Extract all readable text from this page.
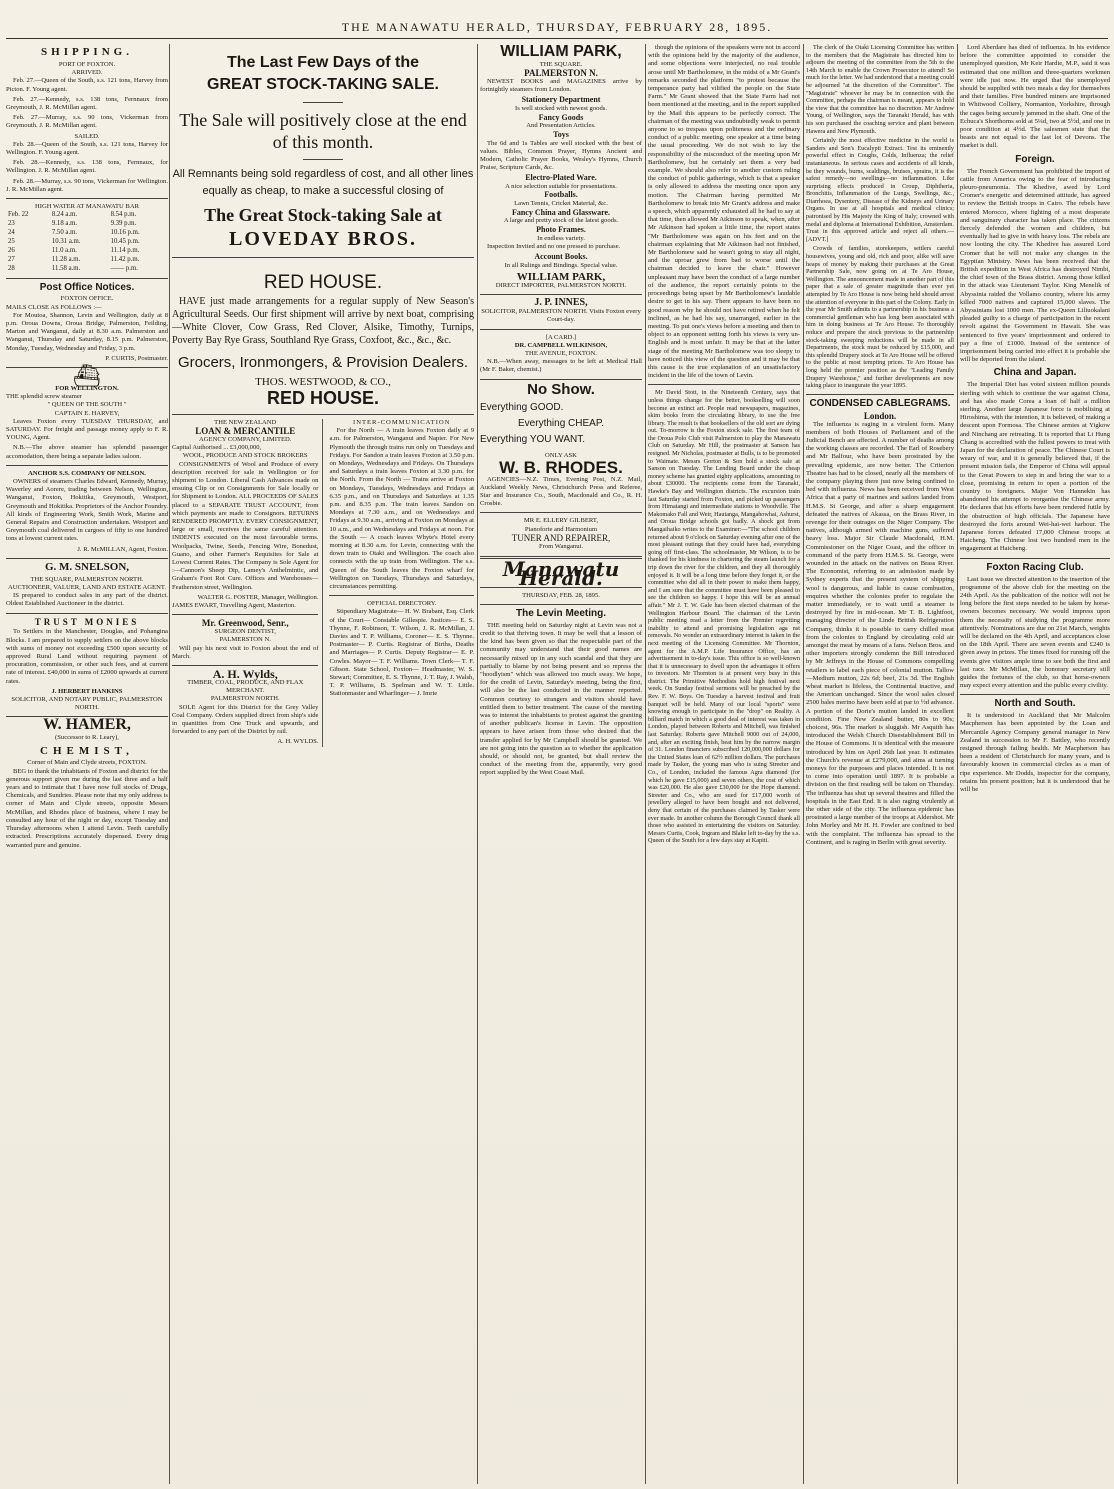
THE MANAWATU HERALD, THURSDAY, FEBRUARY 28, 1895.
SHIPPING.
PORT OF FOXTON.
ARRIVED.
Feb. 27.—Queen of the South, s.s. 121 tons, Harvey from Picton. F. Young agent.
Feb. 27.—Kennedy, s.s. 138 tons, Fernnaux from Greymouth, J. R. McMillan agent.
Feb. 27.—Murray, s.s. 90 tons, Vickerman from Greymouth. J. R. McMillan agent.
SAILED.
Feb. 28.—Queen of the South, s.s. 121 tons, Harvey for Wellington. F. Young agent.
Feb. 28.—Kennedy, s.s. 138 tons, Fernnaux, for Wellington. J. R. McMillan agent.
Feb. 28.—Murray, s.s. 90 tons, Vickerman for Wellington. J. R. McMillan agent.
HIGH WATER AT MANAWATU BAR
Feb. 22	8.24 a.m.	8.54 p.m.
23	9.18 a.m.	9.39 p.m.
24	7.50 a.m.	10.16 p.m.
25	10.31 a.m.	10.45 p.m.
26	11.0 a.m.	11.14 p.m.
27	11.28 a.m.	11.42 p.m.
28	11.58 a.m.	—— p.m.
Post Office Notices.
FOXTON OFFICE.
MAILS CLOSE AS FOLLOWS :—
For Moutoa, Shannon, Levin and Wellington, daily at 8 p.m. Oroua Downs, Oroua Bridge, Palmerston, Feilding, Marton and Wanganui, daily at 8.30 a.m. Palmerston and Wanganui, Thursday and Saturday, 8.15 p.m. Palmerston, Monday, Tuesday, Wednesday and Friday, 3 p.m.
P. CURTIS, Postmaster.
⛴
FOR WELLINGTON.
THE splendid screw steamer
" QUEEN OF THE SOUTH "
CAPTAIN E. HARVEY,
Leaves Foxton every TUESDAY THURSDAY, and SATURDAY. For freight and passage money apply to F. R. YOUNG, Agent.
N.B.—The above steamer has splendid passenger accomodation, there being a separate ladies saloon.
ANCHOR S.S. COMPANY OF NELSON.
OWNERS of steamers Charles Edward, Kennedy, Murray, Waverley and Aorere, trading between Nelson, Wellington, Wanganui, Foxton, Hokitika, Greymouth, Westport, Greymouth and Hokitika. Proprietors of the Anchor Foundry. All kinds of Engineering Work, Smith Work, Marine and General Repairs and Construction undertaken. Westport and Greymouth coal delivered in cargoes of fifty to one hundred tons at lowest current rates.
J. R. McMILLAN, Agent, Foxton.
G. M. SNELSON,
THE SQUARE, PALMERSTON NORTH.
AUCTIONEER, VALUER, LAND AND ESTATE AGENT.
IS prepared to conduct sales in any part of the district. Oldest Established Auctioneer in the district.
TRUST MONIES
To Settlers in the Manchester, Douglas, and Pohangina Blocks. I am prepared to supply settlers on the above blocks with sums of money not exceeding £500 upon security of approved Rural Land without requiring payment of procuration, commission, or other such fees, and at current rate of interest. £40,000 in sums of £2000 upwards at current rates.
J. HERBERT HANKINS
SOLICITOR, AND NOTARY PUBLIC, PALMERSTON NORTH.
W. HAMER,
(Successor to R. Leary),
CHEMIST,
Corner of Main and Clyde streets, FOXTON.
BEG to thank the inhabitants of Foxton and district for the generous support given me during the last three and a half years and to intimate that I have now full stocks of Drugs, Chemicals, and Sundries. Please note that my only address is corner of Main and Clyde streets, opposite Messrs McMillan, and Rhodes place of business, where I may be consulted any hour of the night or day, except Tuesday and Thursday afternoons when I attend Levin. Teeth carefully extracted. Prescriptions accurately dispensed. Every drug warranted pure and genuine.
The Last Few Days of the
GREAT STOCK-TAKING SALE.
The Sale will positively close at the end of this month.
All Remnants being sold regardless of cost, and all other lines equally as cheap, to make a successful closing of
The Great Stock-taking Sale at
LOVEDAY BROS.
RED HOUSE.
HAVE just made arrangements for a regular supply of New Season's Agricultural Seeds. Our first shipment will arrive by next boat, comprising—White Clover, Cow Grass, Red Clover, Alsike, Timothy, Turnips, Poverty Bay Rye Grass, Southland Rye Grass, Coxfoot, &c., &c., &c.
Grocers, Ironmongers, & Provision Dealers.
THOS. WESTWOOD, & CO.,
RED HOUSE.
THE NEW ZEALAND
LOAN & MERCANTILE
AGENCY COMPANY, LIMITED.
Capital Authorised ... £3,000,000,
WOOL, PRODUCE AND STOCK BROKERS
CONSIGNMENTS of Wool and Produce of every description received for sale in Wellington or for shipment to London. Liberal Cash Advances made on ensuing Clip or on Consignments for Sale locally or for Shipment to London. ALL PROCEEDS OF SALES placed to a SEPARATE TRUST ACCOUNT, from which payments are made to Consignors. RETURNS RENDERED PROMPTLY. EVERY CONSIGNMENT, large or small, receives the same careful attention. INDENTS executed on the most favourable terms. Woolpacks, Twine, Seeds, Fencing Wire, Bonedust, Guano, and other Farmer's Requisites for Sale at Lowest Current Rates. The Company is Sole Agent for :—Cannon's Sheep Dip, Lamey's Anthelmintic, and Graham's Foot Rot Cure. Offices and Warehouses—Featherston street, Wellington.
WALTER G. FOSTER, Manager, Wellington.
JAMES EWART, Travelling Agent, Masterton.
Mr. Greenwood, Senr.,
SURGEON DENTIST,
PALMERSTON N.
Will pay his next visit to Foxton about the end of March.
A. H. Wylds,
TIMBER, COAL, PRODUCE, AND FLAX MERCHANT.
PALMERSTON NORTH.
SOLE Agent for this District for the Grey Valley Coal Company. Orders supplied direct from ship's side in quantities from One Truck and upwards, and forwarded to any part of the District by rail.
A. H. WYLDS.
INTER-COMMUNICATION
For the North — A train leaves Foxton daily at 9 a.m. for Palmerston, Wanganui and Napier. For New Plymouth the through trains run only on Tuesdays and Fridays. For Sandon a train leaves Foxton at 3.50 p.m. on Mondays, Wednesdays and Fridays. On Thursdays and Saturdays a train leaves Foxton at 3.30 p.m. for the North. From the North — Trains arrive at Foxton on Mondays, Tuesdays, Wednesdays and Fridays at 6.35 p.m., and on Thursdays and Saturdays at 1.35 p.m. and 8.35 p.m. The train leaves Sandon on Mondays at 7.30 a.m., and on Wednesdays and Fridays at 9.30 a.m., arriving at Foxton on Mondays at 10 a.m., and on Wednesdays and Fridays at noon. For the South — A coach leaves Whyte's Hotel every morning at 8.30 a.m. for Levin, connecting with the down train to Otaki and Wellington. The coach also connects with the up train from Wellington. The s.s. Queen of the South leaves the Foxton wharf for Wellington on Tuesdays, Thursdays and Saturdays, circumstances permitting.
OFFICIAL DIRECTORY.
Stipendiary Magistrate— H. W. Brabant, Esq. Clerk of the Court— Constable Gillespie. Justices— E. S. Thynne, F. Robinson, T. Wilson, J. R. McMillan, J. Davies and T. P. Williams, Coroner— E. S. Thynne. Postmaster— P. Curtis. Registrar of Births, Deaths and Marriages— P. Curtis. Deputy Registrar— E. P. Cowles. Mayor— T. F. Williams. Town Clerk— T. F. Gibson. State School, Foxton— Headmaster, W. S. Stewart; Committee, E. S. Thynne, J. T. Ray, J. Walsh, T. P. Williams, B. Spelman and W. T. Little. Stationmaster and Wharfinger— J. Imrie
WILLIAM PARK,
THE SQUARE.
PALMERSTON N.
NEWEST BOOKS and MAGAZINES arrive by fortnightly steamers from London.
Stationery Department
Is well stocked with newest goods.
Fancy Goods
And Presentation Articles.
Toys
The 6d and 1s Tables are well stocked with the best of values. Bibles, Common Prayer, Hymns Ancient and Modern, Catholic Prayer Books, Wesley's Hymns, Church Praise, Scripture Cards, &c.
Electro-Plated Ware.
A nice selection suitable for presentations.
Footballs.
Lawn Tennis, Cricket Material, &c.
Fancy China and Glassware.
A large and pretty stock of the latest goods.
Photo Frames.
In endless variety.
Inspection Invited and no one pressed to purchase.
Account Books.
In all Rulings and Bindings. Special value.
WILLIAM PARK,
DIRECT IMPORTER, PALMERSTON NORTH.
J. P. INNES,
SOLICITOR, PALMERSTON NORTH. Visits Foxton every Court-day.
[A CARD.]
DR. CAMPBELL WILKINSON,
THE AVENUE, FOXTON.
N.B.—When away, messages to be left at Medical Hall (Mr F. Baker, chemist.)
No Show.
Everything GOOD.
Everything CHEAP.
Everything YOU WANT.
ONLY ASK
W. B. RHODES.
AGENCIES—N.Z. Times, Evening Post, N.Z. Mail, Auckland Weekly News, Christchurch Press and Referee, Star and Insurance Co., South, Macdonald and Co., R. H. Crosbie.
MR E. ELLERY GILBERT,
Pianoforte and Harmonium
TUNER AND REPAIRER,
From Wanganui.
Manawatu Herald.
THURSDAY, FEB. 28, 1895.
The Levin Meeting.
THE meeting held on Saturday night at Levin was not a credit to that thriving town. It may be well that a lesson of the kind has been given so that the respectable part of the community may understand that their good names are necessarily mixed up in any such scandal and that they are partially to blame by not being present and so repress the "hoodlyism" which was allowed too much sway. We hope, for the credit of Levin, Saturday's meeting, being the first, will also be the last conducted in the manner reported. Common courtesy to strangers and visitors should have entitled them to better treatment. The cause of the meeting was to interest the inhabitants to protest against the granting of another publican's license in Levin. The opposition appears to have arisen from those who desired that the transfer applied for by Mr Campbell should be granted. We are not going into the question as to whether the application should, or should not, be granted, but shall review the conduct of the meeting from the, apparently, very good report supplied by the West Coast Mail.
though the opinions of the speakers were not in accord with the opinions held by the majority of the audience, and some objections were interjected, no real trouble arose until Mr Bartholomew, in the midst of a Mr Grant's remarks seconded the platform "to protest because the temperance party had vilified the people on the State Farm." Mr Grant showed that the State Farm had not been mentioned at the meeting, and in the report supplied by the Mail this appears to be perfectly correct. The chairman of the meeting was undoubtedly weak to permit anyone to so trespass upon politeness and the ordinary conduct of a public meeting, one speaker at a time being the usual proceeding. We do not wish to lay the responsibility of the misconduct of the meeting upon Mr Bartholomew, but he certainly set them a very bad example. We should also refer to another custom ruling the conduct of public gatherings, which is that a speaker is only allowed to address the meeting once upon any motion. The Chairman having permitted Mr Bartholomew to break into Mr Grant's address and make a speech, which apparently exhausted all he had to say at that time, then allowed Mr Atkinson to speak, when, after Mr Atkinson had spoken a little time, the report states "Mr Bartholomew was again on his feet and on the chairman explaining that Mr Atkinson had not finished, Mr Bartholomew said he wasn't going to stay all night, and the uproar grew from bad to worse until the chairman decided to leave the chair." However unpleasant may have been the conduct of a large number of the audience, the report certainly points to the proceedings being upset by Mr Bartholomew's laudable desire to get in his say. There appears to have been no good reason why he should not have retired when he felt inclined, as he had his say, unarranged, earlier in the meeting. To put one's views before a meeting and then to object to an opponent setting forth his views is very un-English and is most unfair. It may be that at the latter stage of the meeting Mr Bartholomew was too sleepy to have noticed this view of the question and it may be that this cause is the true explanation of an unsatisfactory incident in the life of the town of Levin.
Mr David Stott, in the Nineteenth Century, says that unless things change for the better, bookselling will soon become an extinct art. People read newspapers, magazines, skim books from the circulating library, to use the free library. The result is that booksellers of the old sort are dying out. To-morrow is the Foxton stock sale. The first team of the Oroua Polo Club visit Palmerston to play the Manawatu Club on Saturday. Mr Hill, the postmaster at Sanson has resigned. Mr Nicholas, postmaster at Bulls, is to be promoted to Waimate. Messrs Gorton & Son hold a stock sale at Sanson on Tuesday. The Lending Board under the cheap money scheme has granted eighty applications, amounting to about £30000. The recipients come from the Taranaki, Hawke's Bay and Wellington districts. The excursion train last Saturday started from Foxton, and picked up passengers from Himatangi and intermediate stations to Woodville. The Makomako Fall and Weir, Hautanga, Mangahowhai, Ashurst, and Oroua Bridge schools got badly. A shock got from Mangaihaiko writes to the Examiner:—"The school children returned about 9 o'clock on Saturday evening after one of the most pleasant outings that they could have had, everything going off first-class. The schoolmaster, Mr Wilson, is to be thanked for his kindness in chartering the steam launch for a trip down the river for the children, and they all thoroughly enjoyed it. It will be a long time before they forget it, or the committee who did all in their power to make them happy, and I am sure that the committee must have been pleased to see the children so happy. I hope this will be an annual affair." Mr J. T. W. Gale has been elected chairman of the Wellington Harbour Board. The chairman of the Levin public meeting read a letter from the Premier regretting inability to attend and promising legislation aga nst removals. No wonder an extraordinary interest is taken in the next meeting of the Licensing Committee. Mr Thornton, agent for the A.M.P. Life Insurance Office, has an advertisement in to-day's issue. This office is so well-known that it is unnecessary to dwell upon the advantages it offers to investors. Mr Thornton is at present very busy in this district. The Primitive Methodists hold high festival next week. On Sunday festival sermons will be preached by the Rev. F. W. Boys. On Tuesday a harvest festival and fruit banquet will be held. Many of our local "sports" were knowing enough to participate in the "drop" on Reality. A billiard match in which a good deal of interest was taken in London, played between Roberts and Mitchell, was finished last Saturday. Roberts gave Mitchell 9000 out of 24,000, and, after an exciting finish, beat him by the narrow margin of 31. London financiers subscribed 120,000,000 dollars for the United States loan of 62½ million dollars. The purchases made by Tasker, the young man who is suing Streeter and Co., of London, included the famous Agra diamond (for which he gave £15,000) and seven others, the cost of which was £20,000. He also gave £30,000 for the Hope diamond. Streeter and Co., who are sued for £17,000 worth of jewellery alleged to have been bought and not delivered, deny that certain of the purchases claimed by Tasker were ever made. In another column the Borough Council thank all those who assisted in entertaining the visitors on Saturday. Messrs Curtis, Cook, Ingram and Blake left to-day by the s.s. Queen of the South for a few days stay at Kapiti.
The clerk of the Otaki Licensing Committee has written to the members that the Magistrate has directed him to adjourn the meeting of the committee from the 5th to the 14th March to enable the Crown Prosecutor to attend! So much for the letter. We had understood that a meeting could be adjourned "at the discretion of the Committee". The "Magistrate" whoever he may be in connection with the Committee, perhaps the chairman is meant, appears to hold the view that the committee has no discretion. Mr Andrew Young, of Wellington, says the Taranaki Herald, has with his son purchased the coaching service and plant between Hawera and New Plymouth.
Certainly the most effective medicine in the world is Sanders and Son's Eucalypti Extract. Test its eminently powerful effect in Coughs, Colds, Influenza; the relief instantaneous. In serious cases and accidents of all kinds, be they wounds, burns, scaldings, bruises, sprains, it is the safest remedy—no swellings—no inflammation. Like surprising effects produced in Croup, Diphtheria, Bronchitis, Inflammation of the Lungs, Swellings, &c., Diarrhoea, Dysentery, Disease of the Kidneys and Urinary Organs. In use at all hospitals and medical clinics; patronised by His Majesty the King of Italy; crowned with medal and diploma at International Exhibition, Amsterdam. Trust in this approved article and reject all others.—[ADVT.]
Crowds of families, storekeepers, settlers careful housewives, young and old, rich and poor, alike will save heaps of money by making their purchases at the Great Partnership Sale, now going on at Te Aro House, Wellington. The announcement made in another part of this paper that a sale of greater magnitude than ever yet attempted by Te Aro House is now being held should arrest the attention of everyone in this part of the Colony. Early in the year Mr Smith admits to a partnership in his business a commercial gentleman who has long been associated with him in doing business at Te Aro House. To thoroughly reduce and prepare the stock previous to the partnership stock-taking sweeping reductions will be made in all Departments, the stock must be reduced by £15,000, and this splendid Drapery stock at Te Aro House will be offered to the public at most tempting prices. Te Aro House has long held the premier position as the "Leading Family Drapery Warehouse," and further developments are now taking place to inaugurate the year 1895.
CONDENSED CABLEGRAMS.
London.
The influenza is raging in a virulent form. Many members of both Houses of Parliament and of the Judicial Bench are affected. A number of deaths among the working classes are recorded. The Earl of Rosebery and Mr Balfour, who have been prostrated by the prevailing epidemic, are now better. The Criterion Theatre has had to be closed, nearly all the members of the company playing there just now being confined to bed with influenza. News has been received from West Africa that a party of marines and sailors landed from H.M.S. St George, and after a sharp engagement defeated the natives of Akassa, on the Brass River, in revenge for their outrages on the Niger Company. The natives, although armed with machine guns, suffered heavy loss. Major Sir Claude Macdonald, H.M. Commissioner on the Niger Coast, and the officer in command of the party from H.M.S. St. George, were wounded in the attack on the natives on Brass River. The Economist, referring to an admission made by Sydney experts that the present system of shipping wool is dangerous, and liable to cause combustion, enquires whether the colonies prefer to regulate the matter immediately, or to wait until a steamer is destroyed by fire in mid-ocean. Mr T. B. Lightfoot, managing director of the Linde British Refrigeration Company, thinks it is possible to carry chilled meat from the colonies to England by circulating cold air amongst the meat by means of a fans. Nelson Bros. and other importers strongly condemn the Bill introduced by Mr Jeffreys in the House of Commons compelling retailers to label each piece of colonial mutton. Tallow—Medium mutton, 22s 6d; beef, 21s 3d. The English wheat market is lifeless, the Continental inactive, and the American unchanged. Since the wool sales closed 2500 bales merino have been sold at par to ½d advance. A portion of the Dorie's mutton landed in excellent condition. Fine New Zealand butter, 80s to 90s; choicest, 96s. The market is sluggish. Mr Asquith has introduced the Welsh Church Disestablishment Bill in the House of Commons. It is identical with the measure introduced by him on April 26th last year. It estimates the Church's revenue at £279,000, and aims at turning moneys for the purposes and places intended. It is not to come into operation until 1897. It is probable a division on the first reading will be taken on Thursday. The influenza has shut up several theatres and filled the hospitals in the East End. It is also raging virulently at the other side of the city. The influenza epidemic has prostrated a large number of the troops at Aldershot. Mr John Morley and Mr H. H. Fowler are confined to bed with the complaint. The influenza has spread to the Continent, and is raging in Berlin with great severity.
Lord Aberdare has died of influenza. In his evidence before the committee appointed to consider the unemployed question, Mr Keir Hardie, M.P., said it was estimated that one million and three-quarters workmen were idle just now. He urged that the unemployed should be supplied with two meals a day for themselves and their families. Five hundred miners are imprisoned in Whitwood Colliery, Normanton, Yorkshire, through the cages being securely jammed in the shaft. One of the Echuca's Shorthorns sold at 5¼d, two at 5½d, and one in poor condition at 4½d. The salesmen state that the beasts are not equal to the last lot of Devons. The market is dull.
Foreign.
The French Government has prohibited the import of cattle from America owing to the fear of introducing pleuro-pneumonia. The Khedive, awed by Lord Cromer's energetic and determined attitude, has agreed to review the British troops in Cairo. The rebels have entered Morocco, where fighting of a most desperate and sanguinary character has taken place. The citizens fiercely defended the women and children, but eventually had to give in with heavy loss. The rebels are now looting the city. The Khedive has assured Lord Cromer that he will not make any changes in the Egyptian Ministry. News has been received that the British expedition in West Africa has destroyed Nimbi, the chief town of the Brass district. Among those killed in the attack was Lieutenant Taylor. King Menelik of Abyssinia raided the Vollamo country, where his army killed 7000 natives and captured 15,000 slaves. The Abyssinians lost 1000 men. The ex-Queen Liliuokalani pleaded guilty to a charge of participation in the recent revolt against the Government in Hawaii. She was sentenced to five years' imprisonment and ordered to pay a fine of £1000. Instead of the sentence of imprisonment being carried into effect it is probable she will be deported from the island.
China and Japan.
The Imperial Diet has voted sixteen million pounds sterling with which to continue the war against China, and has also made Corea a loan of half a million sterling. Another large Japanese force is mobilising at Hiroshima, with the intention, it is believed, of making a descent upon Formosa. The Chinese armies at Yigkow and Ninchang are retreating. It is reported that Li Hung Chang is accredited with the fullest powers to treat with Japan for the declaration of peace. The Chinese Court is weary of war, and it is generally believed that, if the present mission fails, the Emperor of China will appeal to the Great Powers to step in and bring the war to a close, promising in return to open a portion of the country to foreigners. Major Von Hannekin has abandoned his attempt to reorganise the Chinese army. He declares that his efforts have been rendered futile by the obstruction of high officials. The Japanese have destroyed the forts around Wei-hai-wei harbour. The Japanese forces defeated 17,000 Chinese troops at Haicheng. The Chinese lost two hundred men in the engagement at Haicheng.
Foxton Racing Club.
Last issue we directed attention to the insertion of the programme of the above club for the meeting on the 24th April. As the publication of the notice will not be long before the first steps needed to be taken by horse-owners becomes necessary. We would impress upon them the necessity of studying the programme more attentively. Nominations are due on 21st March, weights will be declared on the 4th April, and acceptances close on the 18th April. There are seven events and £240 is given away in prizes. The times fixed for running off the events give visitors ample time to see both the first and last race. Mr McMillan, the honorary secretary still guides the fortunes of the club, so that horse-owners may expect every attention and the public every civility.
North and South.
It is understood in Auckland that Mr Malcolm Macpherson has been appointed by the Loan and Mercantile Agency Company general manager in New Zealand in succession to Mr F. Battley, who recently resigned through failing health. Mr Macpherson has been a resident of Christchurch for many years, and is favourably known in commercial circles as a man of ripe experience. Mr Dodds, inspector for the company, retains his present position; but it is understood that he will be
